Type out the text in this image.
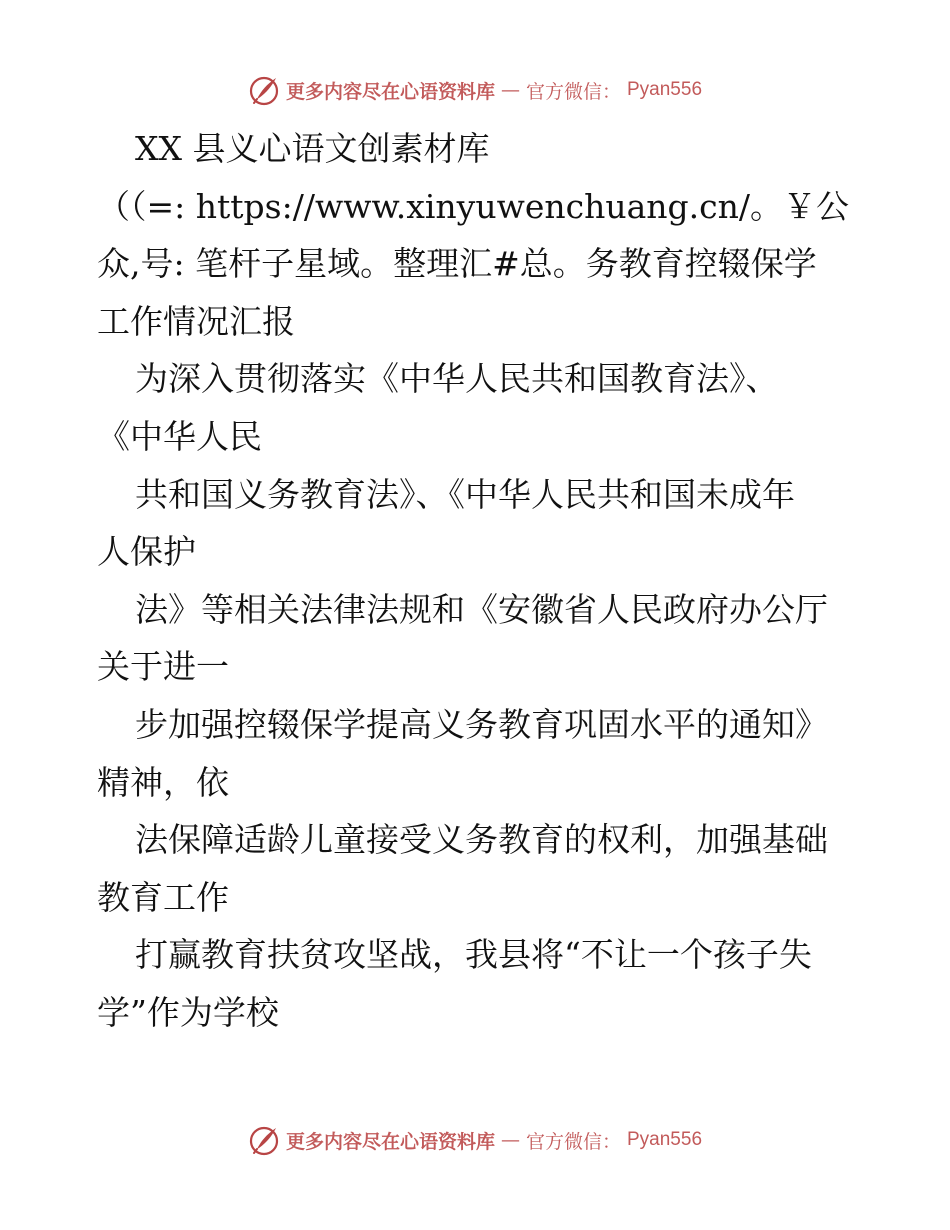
更多内容尽在心语资料库 — 官方微信： Pyan556
XX 县义心语文创素材库
（（=: https://www.xinyuwenchuang.cn/。￥公
众,号: 笔杆子星域。整理汇#总。务教育控辍保学
工作情况汇报
为深入贯彻落实《中华人民共和国教育法》、
《中华人民
共和国义务教育法》、《中华人民共和国未成年
人保护
法》等相关法律法规和《安徽省人民政府办公厅
关于进一
步加强控辍保学提高义务教育巩固水平的通知》
精神，依
法保障适龄儿童接受义务教育的权利，加强基础
教育工作
打赢教育扶贫攻坚战，我县将“不让一个孩子失
学”作为学校
更多内容尽在心语资料库 — 官方微信： Pyan556
